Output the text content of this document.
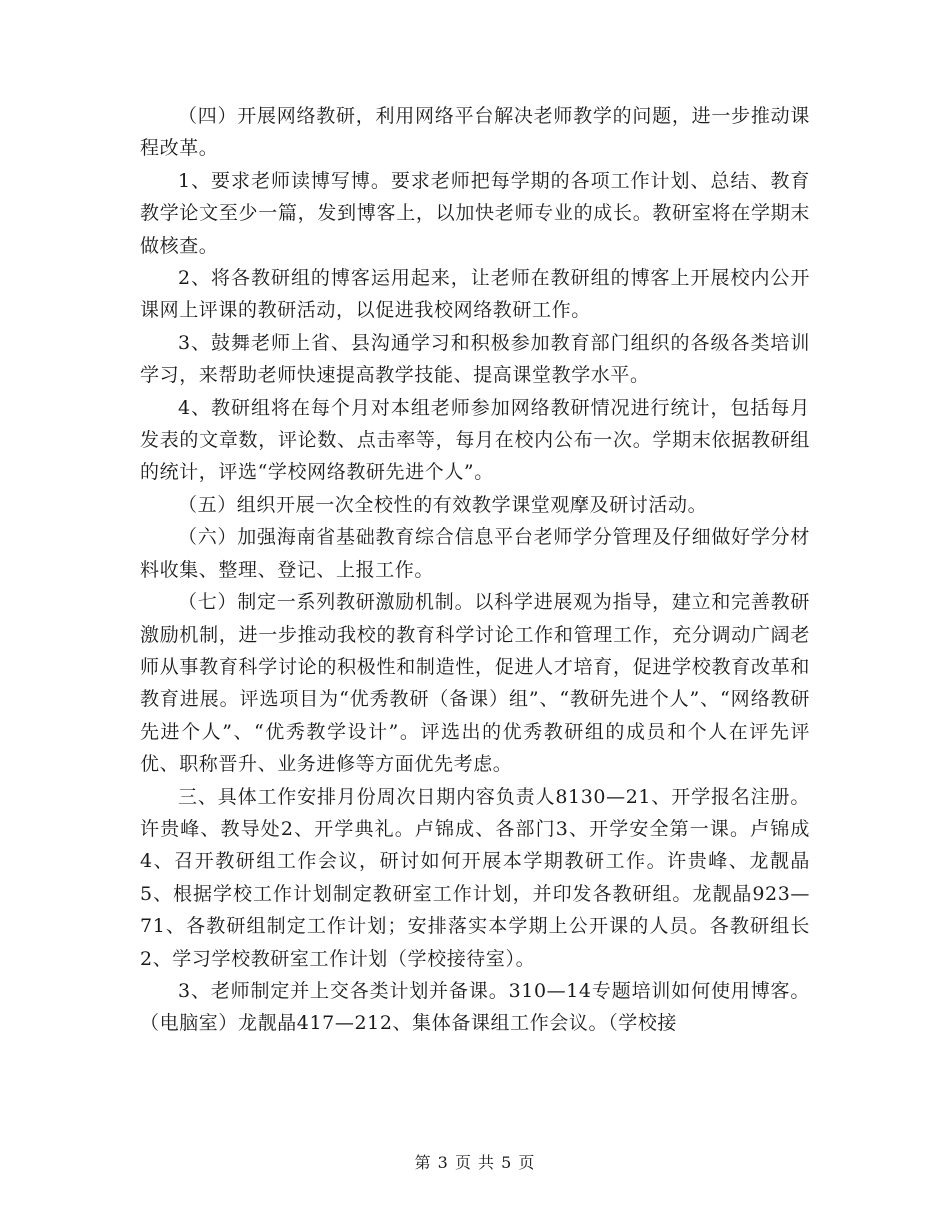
（四）开展网络教研，利用网络平台解决老师教学的问题，进一步推动课程改革。

1、要求老师读博写博。要求老师把每学期的各项工作计划、总结、教育教学论文至少一篇，发到博客上，以加快老师专业的成长。教研室将在学期末做核查。

2、将各教研组的博客运用起来，让老师在教研组的博客上开展校内公开课网上评课的教研活动，以促进我校网络教研工作。

3、鼓舞老师上省、县沟通学习和积极参加教育部门组织的各级各类培训学习，来帮助老师快速提高教学技能、提高课堂教学水平。

4、教研组将在每个月对本组老师参加网络教研情况进行统计，包括每月发表的文章数，评论数、点击率等，每月在校内公布一次。学期末依据教研组的统计，评选“学校网络教研先进个人”。

（五）组织开展一次全校性的有效教学课堂观摩及研讨活动。

（六）加强海南省基础教育综合信息平台老师学分管理及仔细做好学分材料收集、整理、登记、上报工作。

（七）制定一系列教研激励机制。以科学进展观为指导，建立和完善教研激励机制，进一步推动我校的教育科学讨论工作和管理工作，充分调动广阔老师从事教育科学讨论的积极性和制造性，促进人才培育，促进学校教育改革和教育进展。评选项目为“优秀教研（备课）组”、“教研先进个人”、“网络教研先进个人”、“优秀教学设计”。评选出的优秀教研组的成员和个人在评先评优、职称晋升、业务进修等方面优先考虑。

三、具体工作安排月份周次日期内容负责人8130—21、开学报名注册。许贵峰、教导处2、开学典礼。卢锦成、各部门3、开学安全第一课。卢锦成4、召开教研组工作会议，研讨如何开展本学期教研工作。许贵峰、龙靓晶5、根据学校工作计划制定教研室工作计划，并印发各教研组。龙靓晶923—71、各教研组制定工作计划；安排落实本学期上公开课的人员。各教研组长2、学习学校教研室工作计划（学校接待室）。

3、老师制定并上交各类计划并备课。310—14专题培训如何使用博客。（电脑室）龙靓晶417—212、集体备课组工作会议。（学校接

第 3 页 共 5 页
